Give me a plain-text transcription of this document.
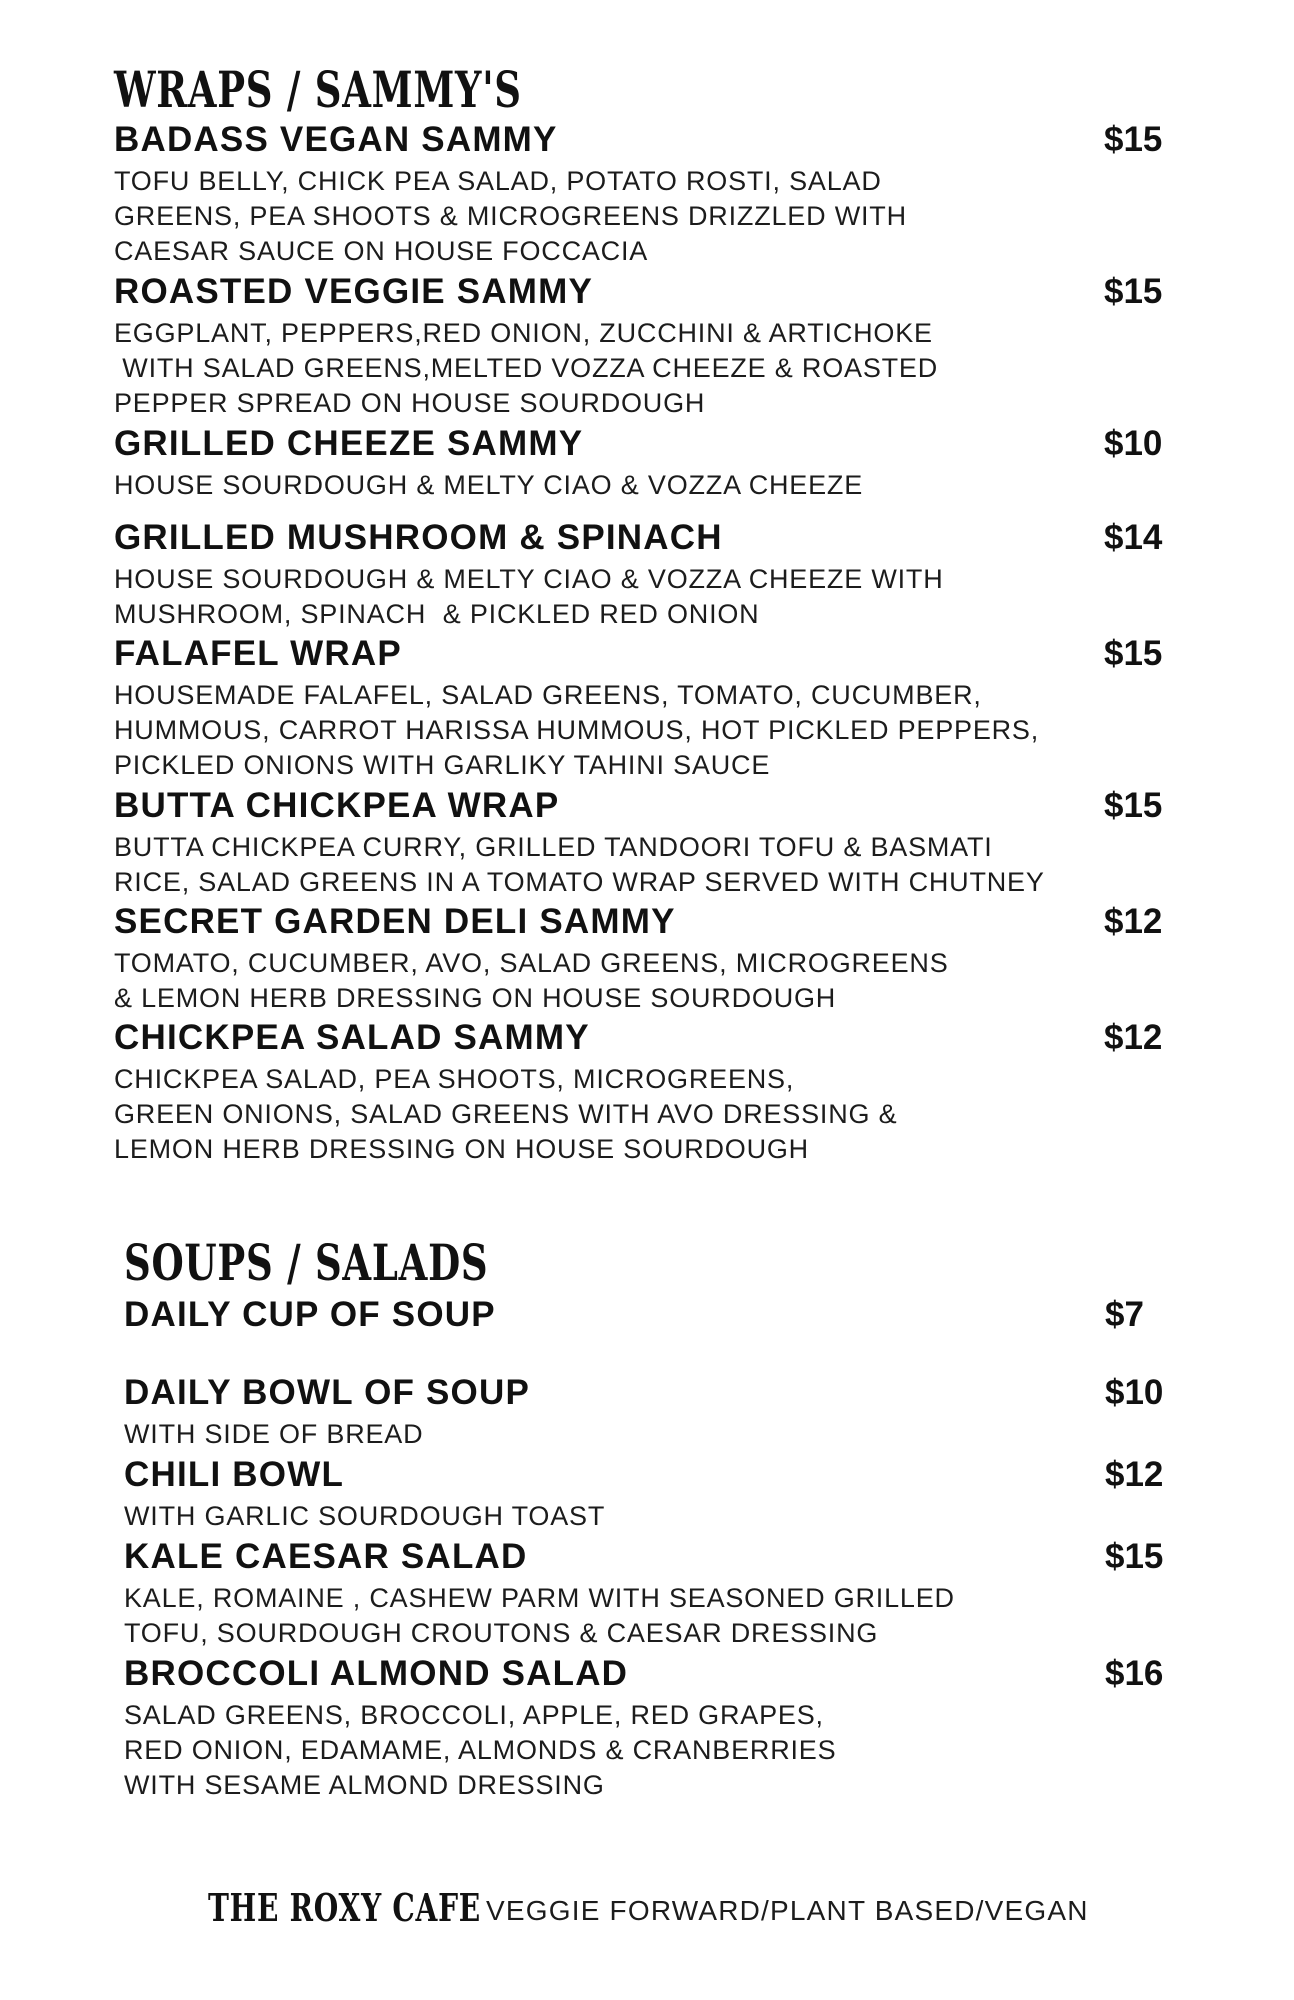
WRAPS / SAMMY'S
BADASS VEGAN SAMMY	$15

TOFU BELLY, CHICK PEA SALAD, POTATO ROSTI, SALAD
GREENS, PEA SHOOTS & MICROGREENS DRIZZLED WITH
CAESAR SAUCE ON HOUSE FOCCACIA

ROASTED VEGGIE SAMMY	$15

EGGPLANT, PEPPERS,RED ONION, ZUCCHINI & ARTICHOKE
WITH SALAD GREENS,MELTED VOZZA CHEEZE & ROASTED
PEPPER SPREAD ON HOUSE SOURDOUGH

GRILLED CHEEZE SAMMY	$10

HOUSE SOURDOUGH & MELTY CIAO & VOZZA CHEEZE

GRILLED MUSHROOM & SPINACH	$14

HOUSE SOURDOUGH & MELTY CIAO & VOZZA CHEEZE WITH
MUSHROOM, SPINACH  & PICKLED RED ONION

FALAFEL WRAP	$15

HOUSEMADE FALAFEL, SALAD GREENS, TOMATO, CUCUMBER,
HUMMOUS, CARROT HARISSA HUMMOUS, HOT PICKLED PEPPERS,
PICKLED ONIONS WITH GARLIKY TAHINI SAUCE

BUTTA CHICKPEA WRAP	$15

BUTTA CHICKPEA CURRY, GRILLED TANDOORI TOFU & BASMATI
RICE, SALAD GREENS IN A TOMATO WRAP SERVED WITH CHUTNEY

SECRET GARDEN DELI SAMMY	$12

TOMATO, CUCUMBER, AVO, SALAD GREENS, MICROGREENS
& LEMON HERB DRESSING ON HOUSE SOURDOUGH

CHICKPEA SALAD SAMMY	$12

CHICKPEA SALAD, PEA SHOOTS, MICROGREENS,
GREEN ONIONS, SALAD GREENS WITH AVO DRESSING &
LEMON HERB DRESSING ON HOUSE SOURDOUGH

SOUPS / SALADS
DAILY CUP OF SOUP	$7
DAILY BOWL OF SOUP	$10

WITH SIDE OF BREAD

CHILI BOWL	$12

WITH GARLIC SOURDOUGH TOAST

KALE CAESAR SALAD	$15

KALE, ROMAINE , CASHEW PARM WITH SEASONED GRILLED
TOFU, SOURDOUGH CROUTONS & CAESAR DRESSING

BROCCOLI ALMOND SALAD	$16

SALAD GREENS, BROCCOLI, APPLE, RED GRAPES,
RED ONION, EDAMAME, ALMONDS & CRANBERRIES
WITH SESAME ALMOND DRESSING

THE ROXY CAFE VEGGIE FORWARD/PLANT BASED/VEGAN
